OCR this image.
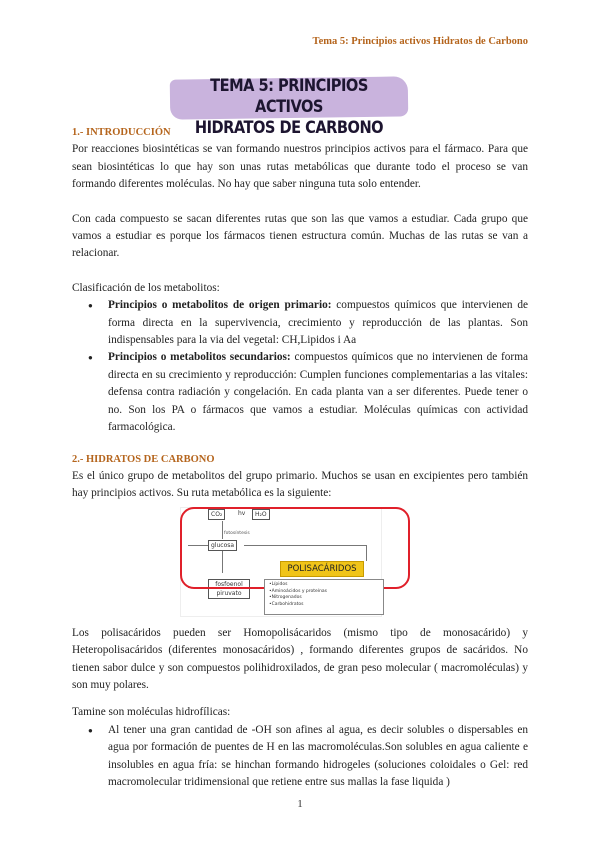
Tema 5: Principios activos Hidratos de Carbono
TEMA 5: PRINCIPIOS ACTIVOS
HIDRATOS DE CARBONO

1.- INTRODUCCIÓN

Por reacciones biosintéticas se van formando nuestros principios activos para el fármaco. Para que sean biosintéticas lo que hay son unas rutas metabólicas que durante todo el proceso se van formando diferentes moléculas. No hay que saber ninguna tuta solo entender.

Con cada compuesto se sacan diferentes rutas que son las que vamos a estudiar. Cada grupo que vamos a estudiar es porque los fármacos tienen estructura común. Muchas de las rutas se van a relacionar.

Clasificación de los metabolitos:

● Principios o metabolitos de origen primario: compuestos químicos que intervienen de forma directa en la supervivencia, crecimiento y reproducción de las plantas. Son indispensables para la via del vegetal: CH,Lipidos i Aa
● Principios o metabolitos secundarios: compuestos químicos que no intervienen de forma directa en su crecimiento y reproducción: Cumplen funciones complementarias a las vitales: defensa contra radiación y congelación. En cada planta van a ser diferentes. Puede tener o no. Son los PA o fármacos que vamos a estudiar. Moléculas químicas con actividad farmacológica.

2.- HIDRATOS DE CARBONO

Es el único grupo de metabolitos del grupo primario. Muchos se usan en excipientes pero también hay principios activos. Su ruta metabólica es la siguiente:

CO₂	hv	H₂O
fotosíntesis
glucosa
fosfoenol
piruvato
POLISACÁRIDOS
• Lípidos
• Aminoácidos y proteínas
• Nitrogenados
• Carbohidratos

Los polisacáridos pueden ser Homopolisácaridos (mismo tipo de monosacárido) y Heteropolisacáridos (diferentes monosacáridos) , formando diferentes grupos de sacáridos. No tienen sabor dulce y son compuestos polihidroxilados, de gran peso molecular ( macromoléculas) y son muy polares.

Tamine son moléculas hidrofílicas:

● Al tener una gran cantidad de -OH son afines al agua, es decir solubles o dispersables en agua por formación de puentes de H en las macromoléculas.Son solubles en agua caliente e insolubles en agua fría: se hinchan formando hidrogeles (soluciones coloidales o Gel: red macromolecular tridimensional que retiene entre sus mallas la fase liquida )
1
